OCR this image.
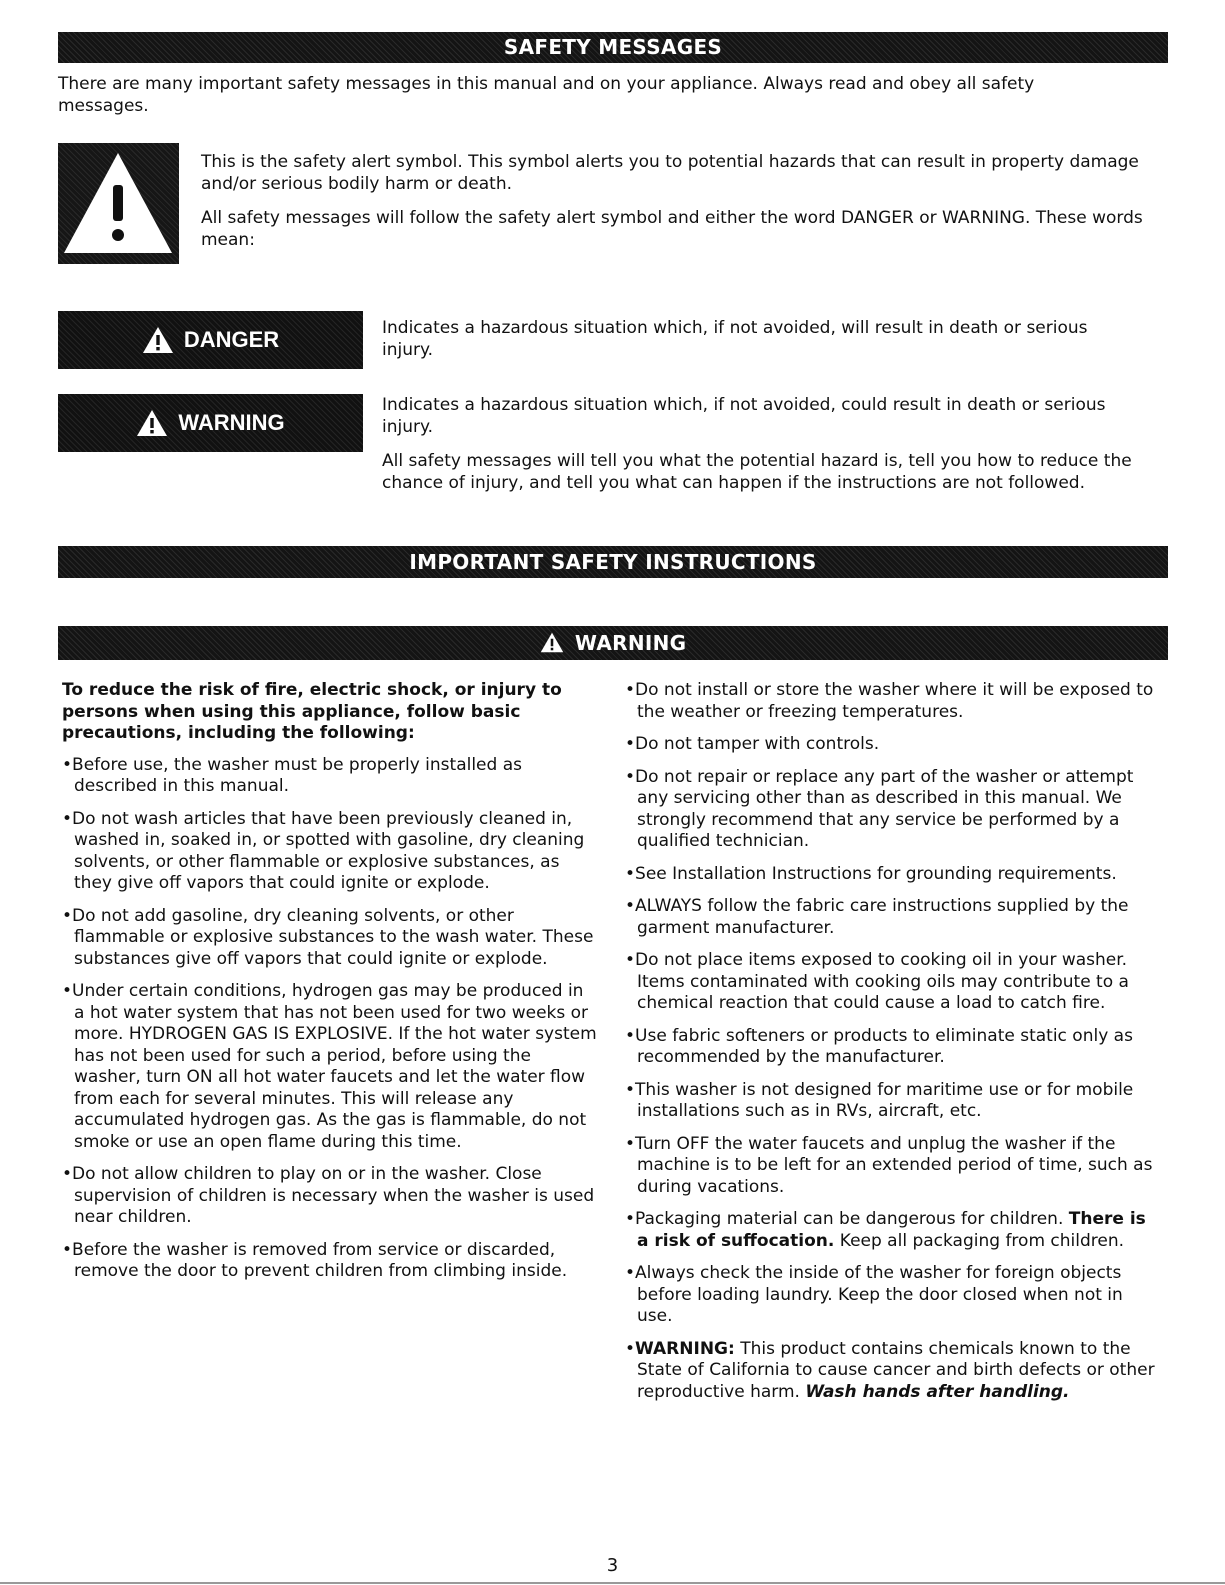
SAFETY MESSAGES
There are many important safety messages in this manual and on your appliance. Always read and obey all safety messages.
This is the safety alert symbol. This symbol alerts you to potential hazards that can result in property damage and/or serious bodily harm or death.
All safety messages will follow the safety alert symbol and either the word DANGER or WARNING. These words mean:
DANGER	Indicates a hazardous situation which, if not avoided, will result in death or serious injury.
WARNING
Indicates a hazardous situation which, if not avoided, could result in death or serious injury.
All safety messages will tell you what the potential hazard is, tell you how to reduce the chance of injury, and tell you what can happen if the instructions are not followed.
IMPORTANT SAFETY INSTRUCTIONS
WARNING

To reduce the risk of fire, electric shock, or injury to persons when using this appliance, follow basic precautions, including the following:

•Before use, the washer must be properly installed as described in this manual.

•Do not wash articles that have been previously cleaned in, washed in, soaked in, or spotted with gasoline, dry cleaning solvents, or other flammable or explosive substances, as they give off vapors that could ignite or explode.

•Do not add gasoline, dry cleaning solvents, or other flammable or explosive substances to the wash water. These substances give off vapors that could ignite or explode.

•Under certain conditions, hydrogen gas may be produced in a hot water system that has not been used for two weeks or more. HYDROGEN GAS IS EXPLOSIVE. If the hot water system has not been used for such a period, before using the washer, turn ON all hot water faucets and let the water flow from each for several minutes. This will release any accumulated hydrogen gas. As the gas is flammable, do not smoke or use an open flame during this time.

•Do not allow children to play on or in the washer. Close supervision of children is necessary when the washer is used near children.

•Before the washer is removed from service or discarded, remove the door to prevent children from climbing inside.

•Do not install or store the washer where it will be exposed to the weather or freezing temperatures.

•Do not tamper with controls.

•Do not repair or replace any part of the washer or attempt any servicing other than as described in this manual. We strongly recommend that any service be performed by a qualified technician.

•See Installation Instructions for grounding requirements.

•ALWAYS follow the fabric care instructions supplied by the garment manufacturer.

•Do not place items exposed to cooking oil in your washer. Items contaminated with cooking oils may contribute to a chemical reaction that could cause a load to catch fire.

•Use fabric softeners or products to eliminate static only as recommended by the manufacturer.

•This washer is not designed for maritime use or for mobile installations such as in RVs, aircraft, etc.

•Turn OFF the water faucets and unplug the washer if the machine is to be left for an extended period of time, such as during vacations.

•Packaging material can be dangerous for children. There is a risk of suffocation. Keep all packaging from children.

•Always check the inside of the washer for foreign objects before loading laundry. Keep the door closed when not in use.

•WARNING: This product contains chemicals known to the State of California to cause cancer and birth defects or other reproductive harm. Wash hands after handling.

3
